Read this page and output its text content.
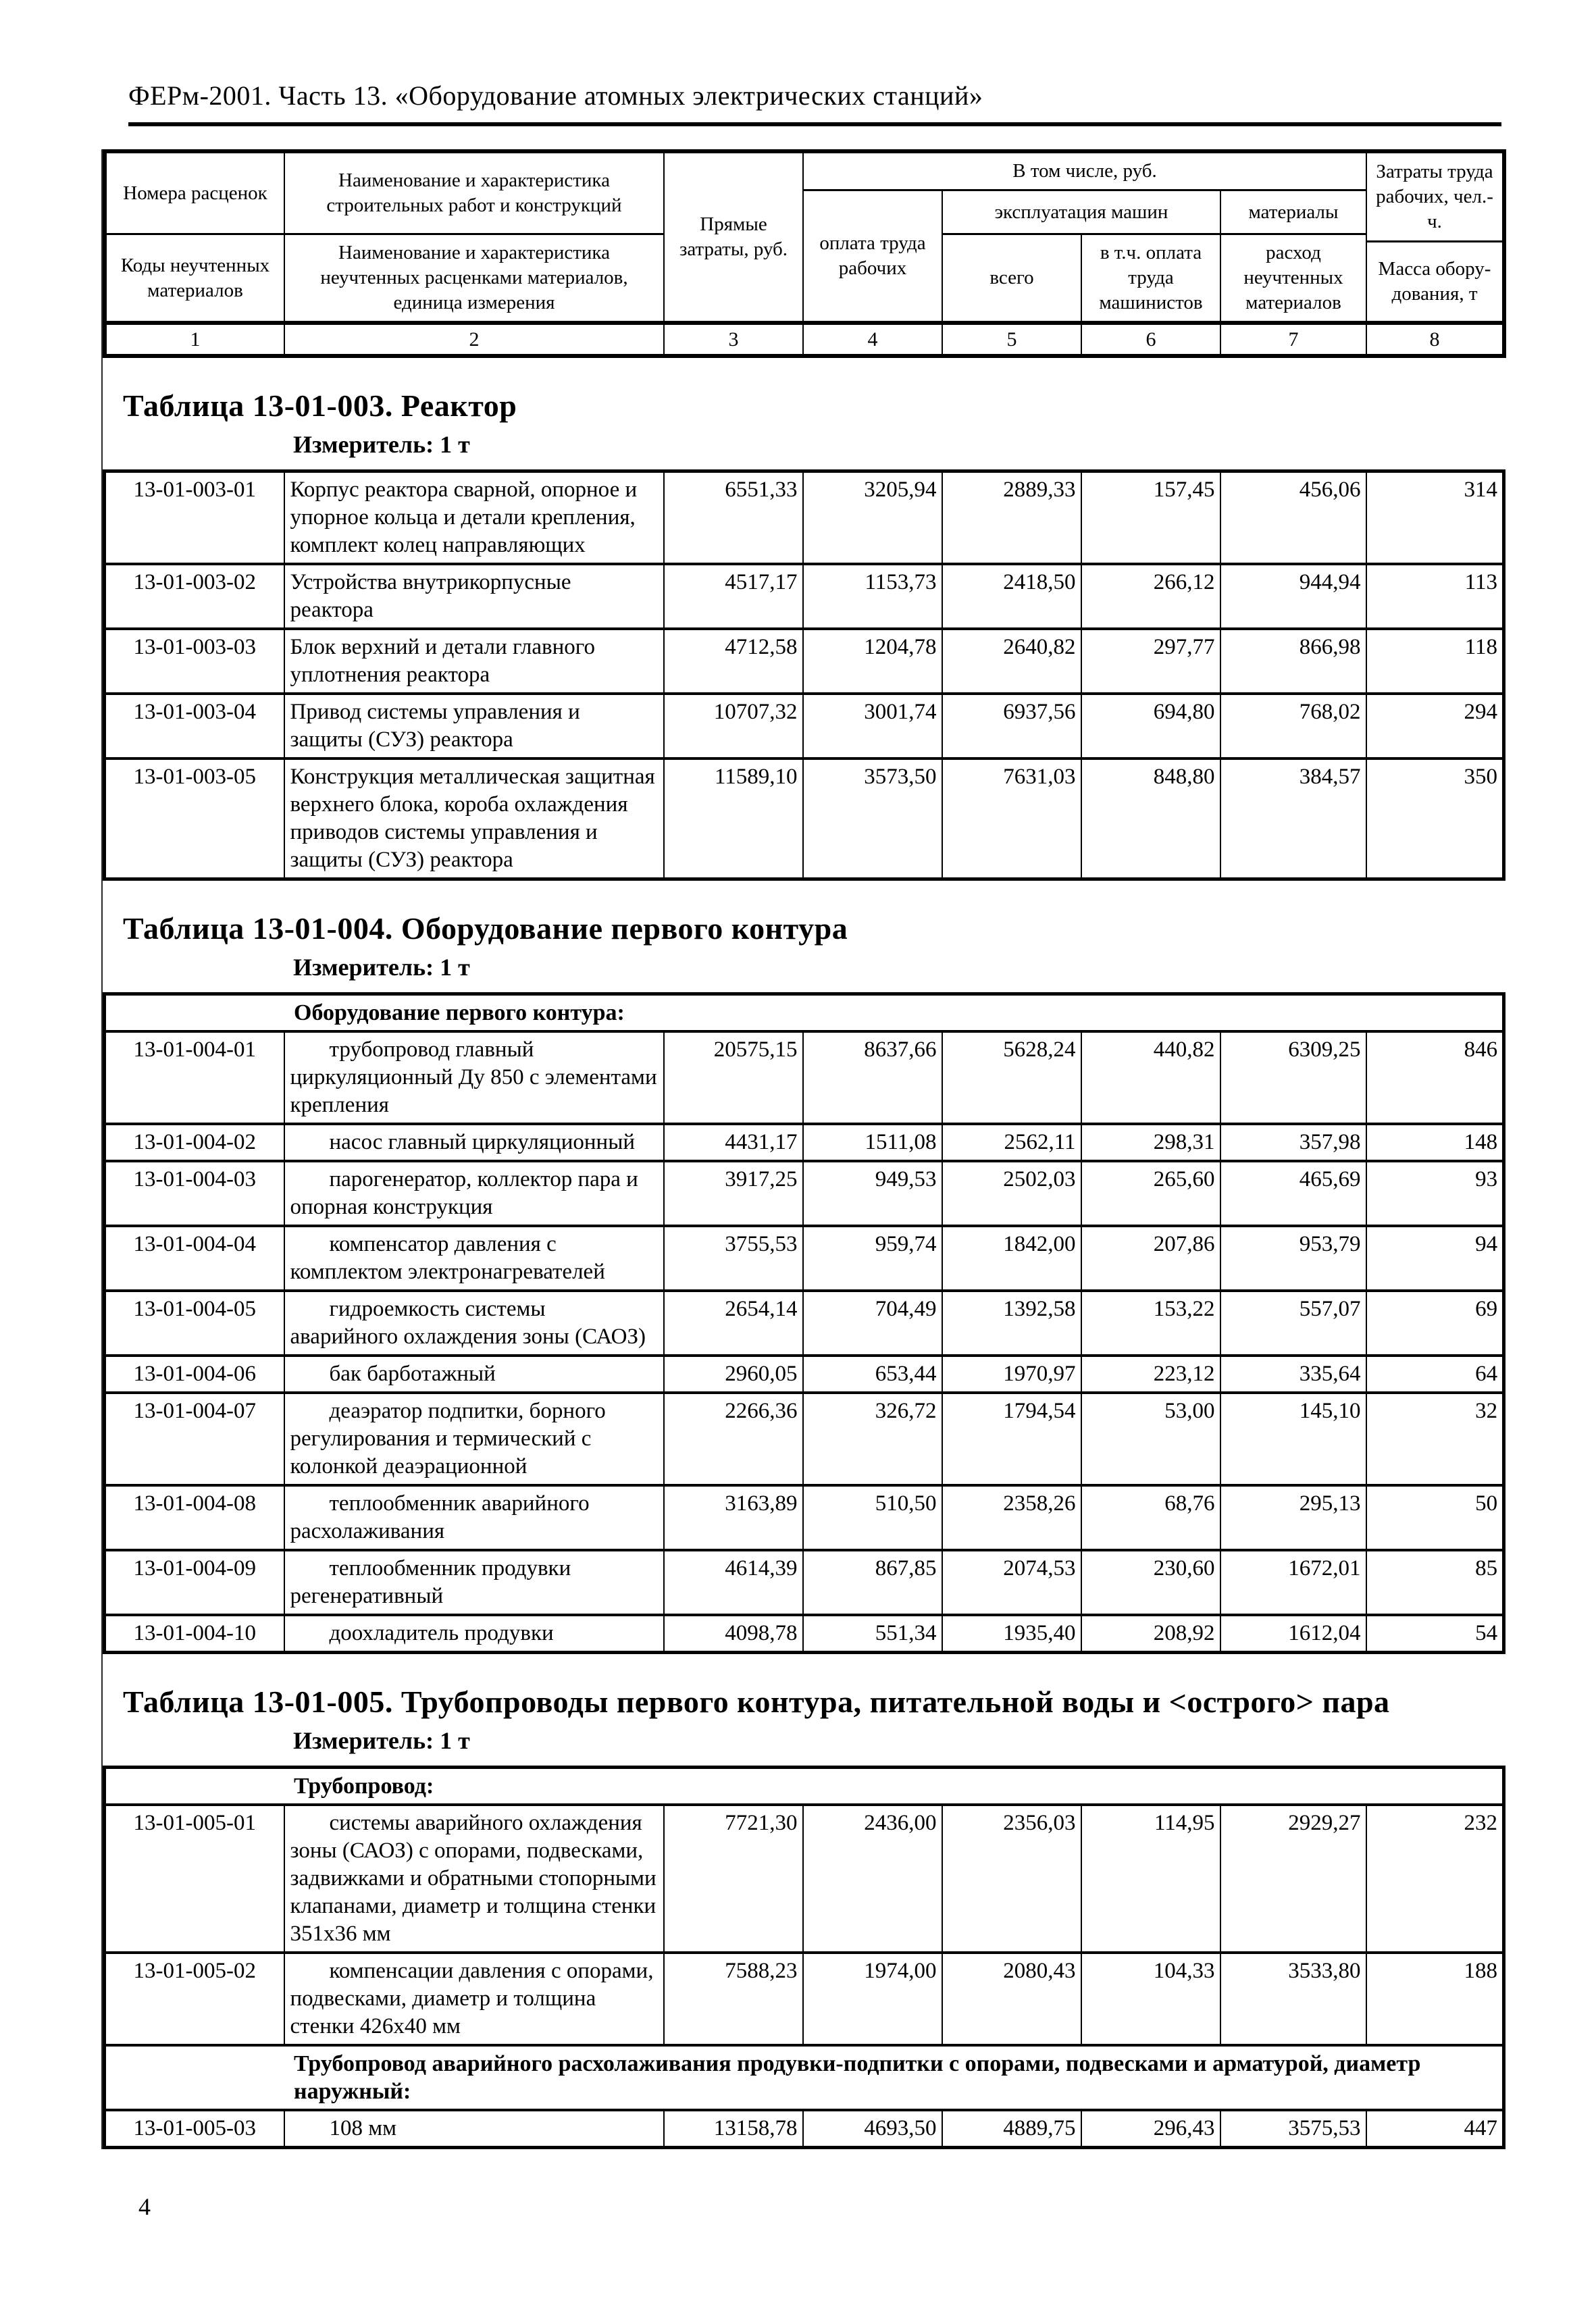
ФЕРм-2001. Часть 13. «Оборудование атомных электрических станций»
Номера расценок	Наименование и характеристика строительных работ и конструкций	Прямые затраты, руб.	В том числе, руб.				Затраты труда рабочих, чел.-ч.
			оплата труда рабочих	эксплуатация машин		материалы	
Коды неучтенных материалов	Наименование и характеристика неучтенных расценками материалов, единица измерения			всего	в т.ч. оплата труда машинистов	расход неучтенных материалов	
							Масса обору-дования, т
1	2	3	4	5	6	7	8
Таблица 13-01-003. Реактор
Измеритель: 1 т
13-01-003-01	Корпус реактора сварной, опорное и упорное кольца и детали крепления, комплект колец направляющих	6551,33	3205,94	2889,33	157,45	456,06	314
13-01-003-02	Устройства внутрикорпусные реактора	4517,17	1153,73	2418,50	266,12	944,94	113
13-01-003-03	Блок верхний и детали главного уплотнения реактора	4712,58	1204,78	2640,82	297,77	866,98	118
13-01-003-04	Привод системы управления и защиты (СУЗ) реактора	10707,32	3001,74	6937,56	694,80	768,02	294
13-01-003-05	Конструкция металлическая защитная верхнего блока, короба охлаждения приводов системы управления и защиты (СУЗ) реактора	11589,10	3573,50	7631,03	848,80	384,57	350
Таблица 13-01-004. Оборудование первого контура
Измеритель: 1 т
Оборудование первого контура:							
13-01-004-01	трубопровод главный циркуляционный Ду 850 с элементами крепления	20575,15	8637,66	5628,24	440,82	6309,25	846
13-01-004-02	насос главный циркуляционный	4431,17	1511,08	2562,11	298,31	357,98	148
13-01-004-03	парогенератор, коллектор пара и опорная конструкция	3917,25	949,53	2502,03	265,60	465,69	93
13-01-004-04	компенсатор давления с комплектом электронагревателей	3755,53	959,74	1842,00	207,86	953,79	94
13-01-004-05	гидроемкость системы аварийного охлаждения зоны (САОЗ)	2654,14	704,49	1392,58	153,22	557,07	69
13-01-004-06	бак барботажный	2960,05	653,44	1970,97	223,12	335,64	64
13-01-004-07	деаэратор подпитки, борного регулирования и термический с колонкой деаэрационной	2266,36	326,72	1794,54	53,00	145,10	32
13-01-004-08	теплообменник аварийного расхолаживания	3163,89	510,50	2358,26	68,76	295,13	50
13-01-004-09	теплообменник продувки регенеративный	4614,39	867,85	2074,53	230,60	1672,01	85
13-01-004-10	доохладитель продувки	4098,78	551,34	1935,40	208,92	1612,04	54
Таблица 13-01-005. Трубопроводы первого контура, питательной воды и <острого> пара
Измеритель: 1 т
Трубопровод:							
13-01-005-01	системы аварийного охлаждения зоны (САОЗ) с опорами, подвесками, задвижками и обратными стопорными клапанами, диаметр и толщина стенки 351х36 мм	7721,30	2436,00	2356,03	114,95	2929,27	232
13-01-005-02	компенсации давления с опорами, подвесками, диаметр и толщина стенки 426х40 мм	7588,23	1974,00	2080,43	104,33	3533,80	188
Трубопровод аварийного расхолаживания продувки-подпитки с опорами, подвесками и арматурой, диаметр наружный:							
13-01-005-03	108 мм	13158,78	4693,50	4889,75	296,43	3575,53	447
4
